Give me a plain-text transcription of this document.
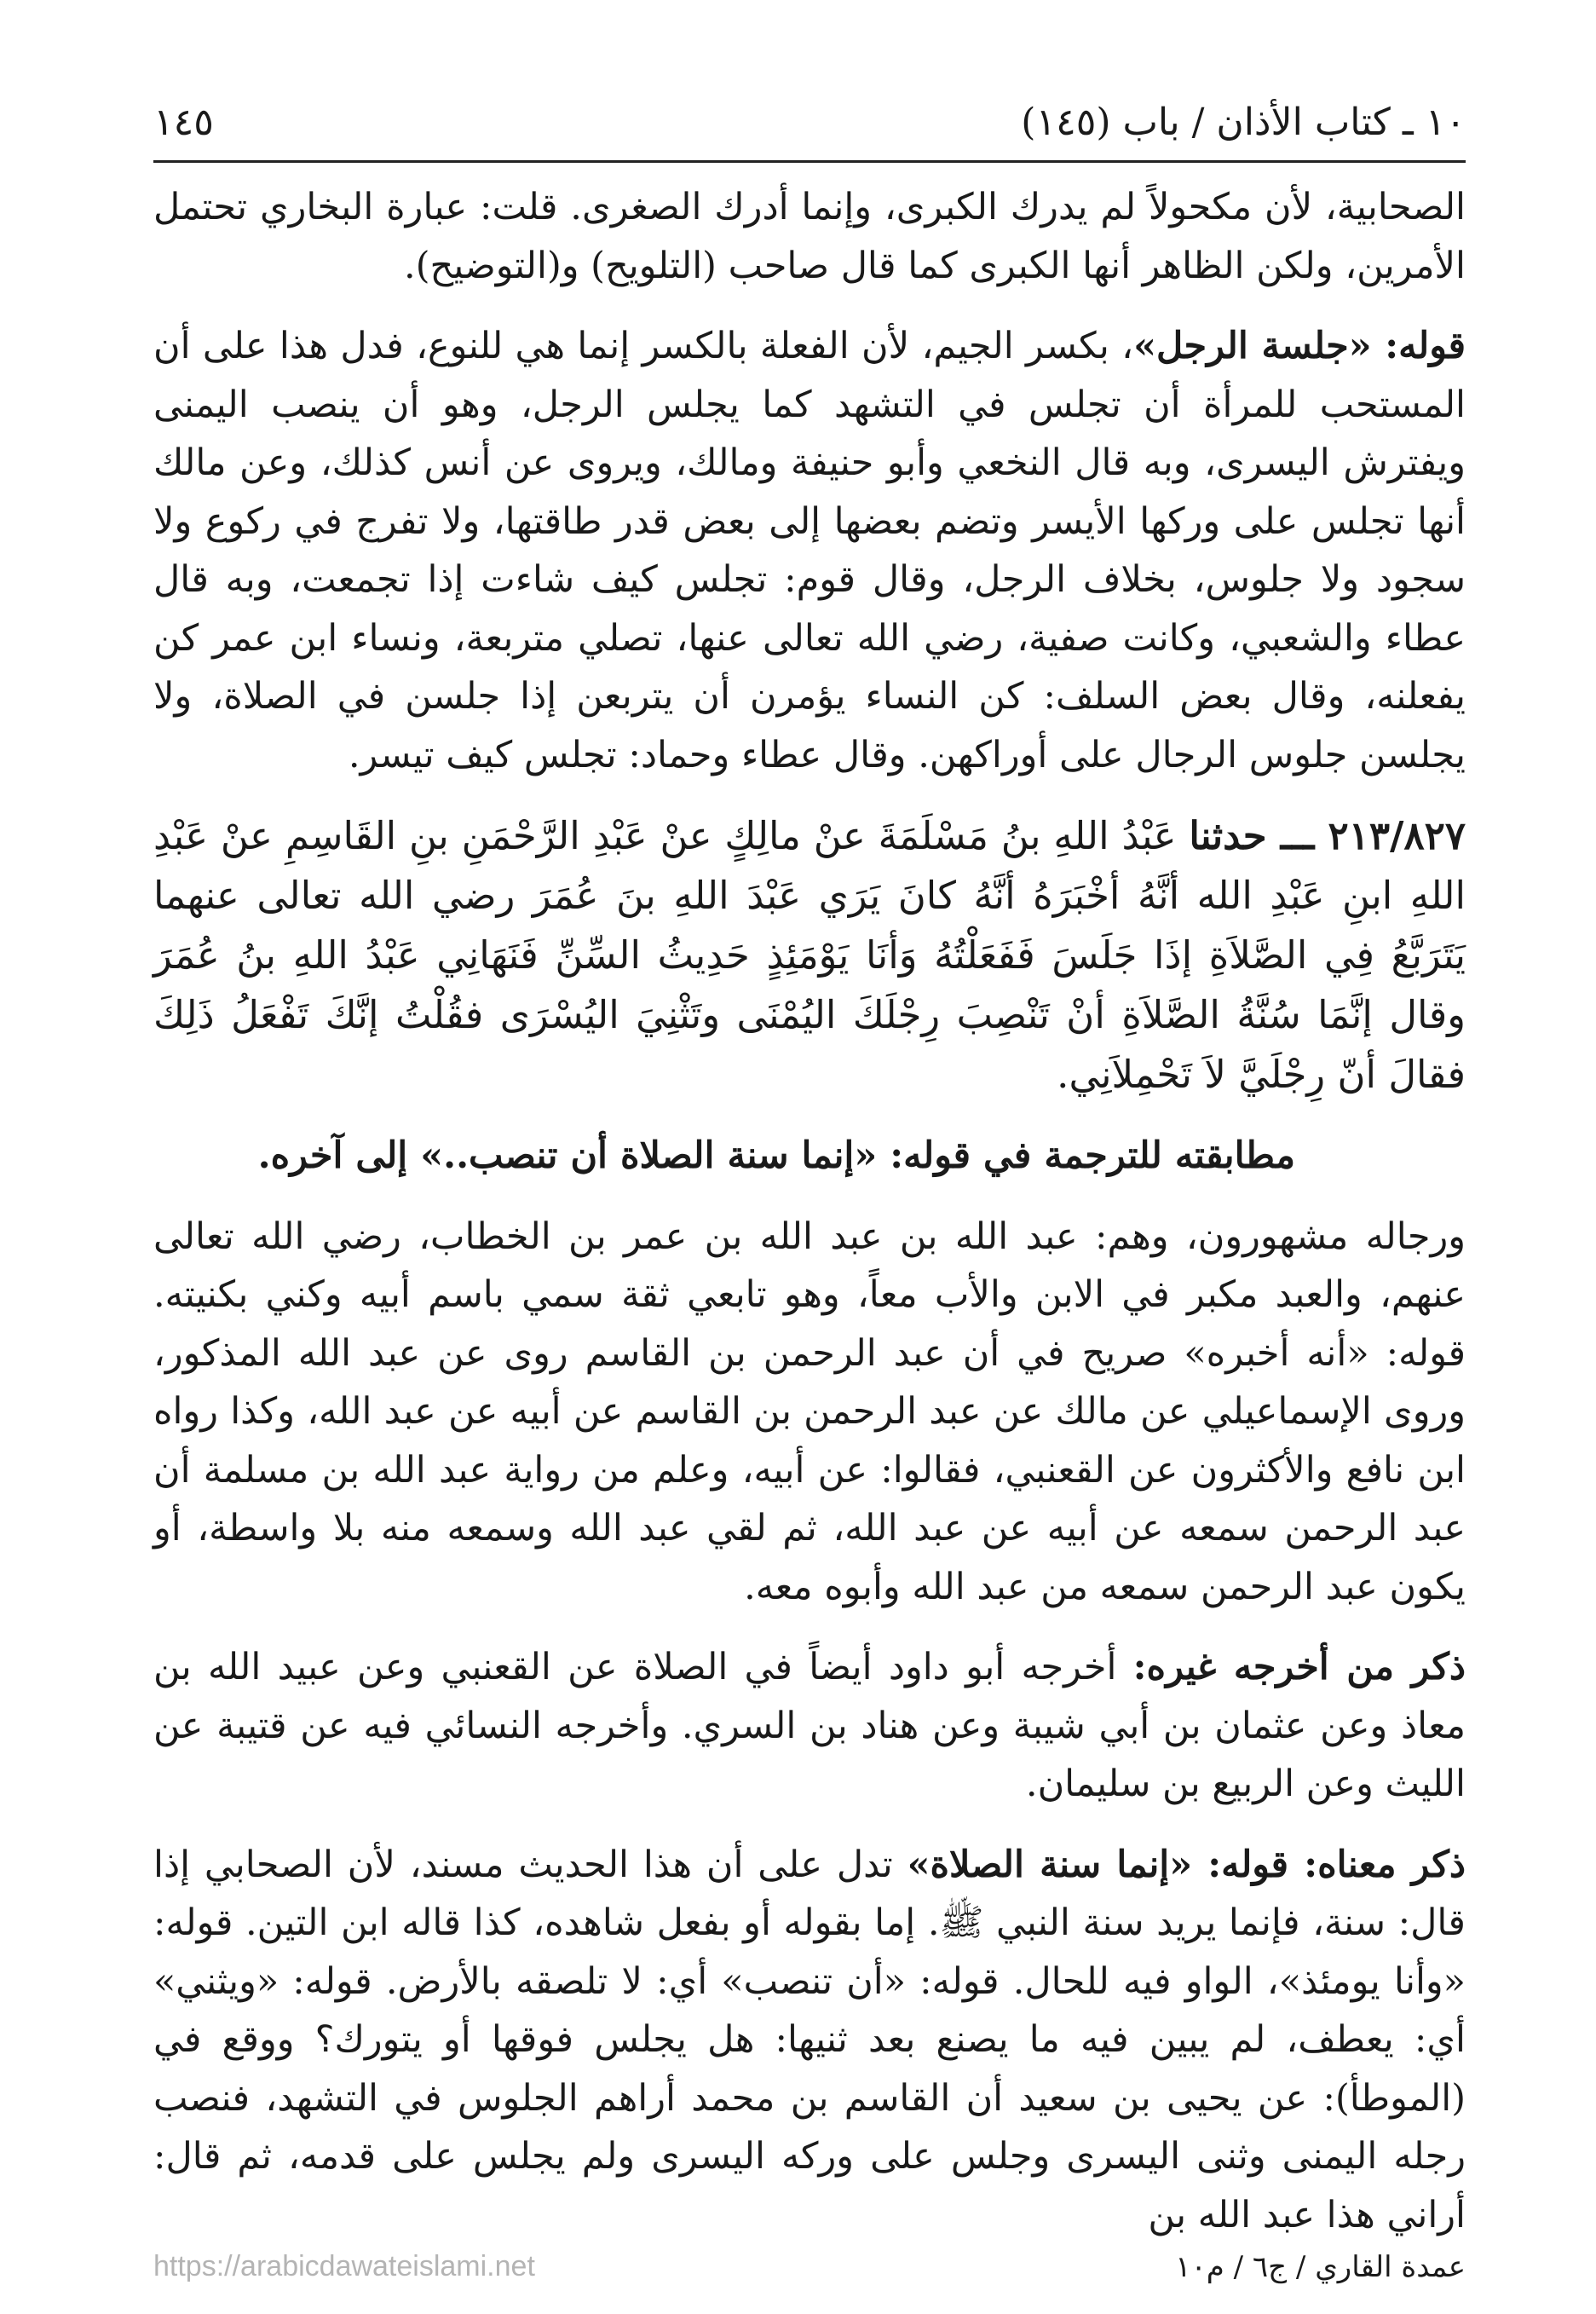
١٠ ـ كتاب الأذان / باب (١٤٥)
١٤٥

الصحابية، لأن مكحولاً لم يدرك الكبرى، وإنما أدرك الصغرى. قلت: عبارة البخاري تحتمل الأمرين، ولكن الظاهر أنها الكبرى كما قال صاحب (التلويح) و(التوضيح).

قوله: «جلسة الرجل»، بكسر الجيم، لأن الفعلة بالكسر إنما هي للنوع، فدل هذا على أن المستحب للمرأة أن تجلس في التشهد كما يجلس الرجل، وهو أن ينصب اليمنى ويفترش اليسرى، وبه قال النخعي وأبو حنيفة ومالك، ويروى عن أنس كذلك، وعن مالك أنها تجلس على وركها الأيسر وتضم بعضها إلى بعض قدر طاقتها، ولا تفرج في ركوع ولا سجود ولا جلوس، بخلاف الرجل، وقال قوم: تجلس كيف شاءت إذا تجمعت، وبه قال عطاء والشعبي، وكانت صفية، رضي الله تعالى عنها، تصلي متربعة، ونساء ابن عمر كن يفعلنه، وقال بعض السلف: كن النساء يؤمرن أن يتربعن إذا جلسن في الصلاة، ولا يجلسن جلوس الرجال على أوراكهن. وقال عطاء وحماد: تجلس كيف تيسر.

٢١٣/٨٢٧ ـــ حدثنا عَبْدُ اللهِ بنُ مَسْلَمَةَ عنْ مالِكٍ عنْ عَبْدِ الرَّحْمَنِ بنِ القَاسِمِ عنْ عَبْدِ اللهِ ابنِ عَبْدِ الله أنَّهُ أخْبَرَهُ أنَّهُ كانَ يَرَي عَبْدَ اللهِ بنَ عُمَرَ رضي الله تعالى عنهما يَتَرَبَّعُ فِي الصَّلاَةِ إذَا جَلَسَ فَفَعَلْتُهُ وَأنَا يَوْمَئِذٍ حَدِيثُ السِّنِّ فَنَهَانِي عَبْدُ اللهِ بنُ عُمَرَ وقال إنَّمَا سُنَّةُ الصَّلاَةِ أنْ تَنْصِبَ رِجْلَكَ اليُمْنَى وتَثْنِيَ اليُسْرَى فقُلْتُ إنَّكَ تَفْعَلُ ذَلِكَ فقالَ أنّ رِجْلَيَّ لاَ تَحْمِلاَنِي.

مطابقته للترجمة في قوله: «إنما سنة الصلاة أن تنصب..» إلى آخره.

ورجاله مشهورون، وهم: عبد الله بن عبد الله بن عمر بن الخطاب، رضي الله تعالى عنهم، والعبد مكبر في الابن والأب معاً، وهو تابعي ثقة سمي باسم أبيه وكني بكنيته. قوله: «أنه أخبره» صريح في أن عبد الرحمن بن القاسم روى عن عبد الله المذكور، وروى الإسماعيلي عن مالك عن عبد الرحمن بن القاسم عن أبيه عن عبد الله، وكذا رواه ابن نافع والأكثرون عن القعنبي، فقالوا: عن أبيه، وعلم من رواية عبد الله بن مسلمة أن عبد الرحمن سمعه عن أبيه عن عبد الله، ثم لقي عبد الله وسمعه منه بلا واسطة، أو يكون عبد الرحمن سمعه من عبد الله وأبوه معه.

ذكر من أخرجه غيره: أخرجه أبو داود أيضاً في الصلاة عن القعنبي وعن عبيد الله بن معاذ وعن عثمان بن أبي شيبة وعن هناد بن السري. وأخرجه النسائي فيه عن قتيبة عن الليث وعن الربيع بن سليمان.

ذكر معناه: قوله: «إنما سنة الصلاة» تدل على أن هذا الحديث مسند، لأن الصحابي إذا قال: سنة، فإنما يريد سنة النبي ﷺ. إما بقوله أو بفعل شاهده، كذا قاله ابن التين. قوله: «وأنا يومئذ»، الواو فيه للحال. قوله: «أن تنصب» أي: لا تلصقه بالأرض. قوله: «ويثني» أي: يعطف، لم يبين فيه ما يصنع بعد ثنيها: هل يجلس فوقها أو يتورك؟ ووقع في (الموطأ): عن يحيى بن سعيد أن القاسم بن محمد أراهم الجلوس في التشهد، فنصب رجله اليمنى وثنى اليسرى وجلس على وركه اليسرى ولم يجلس على قدمه، ثم قال: أراني هذا عبد الله بن

عمدة القاري / ج٦ / م١٠
https://arabicdawateislami.net
